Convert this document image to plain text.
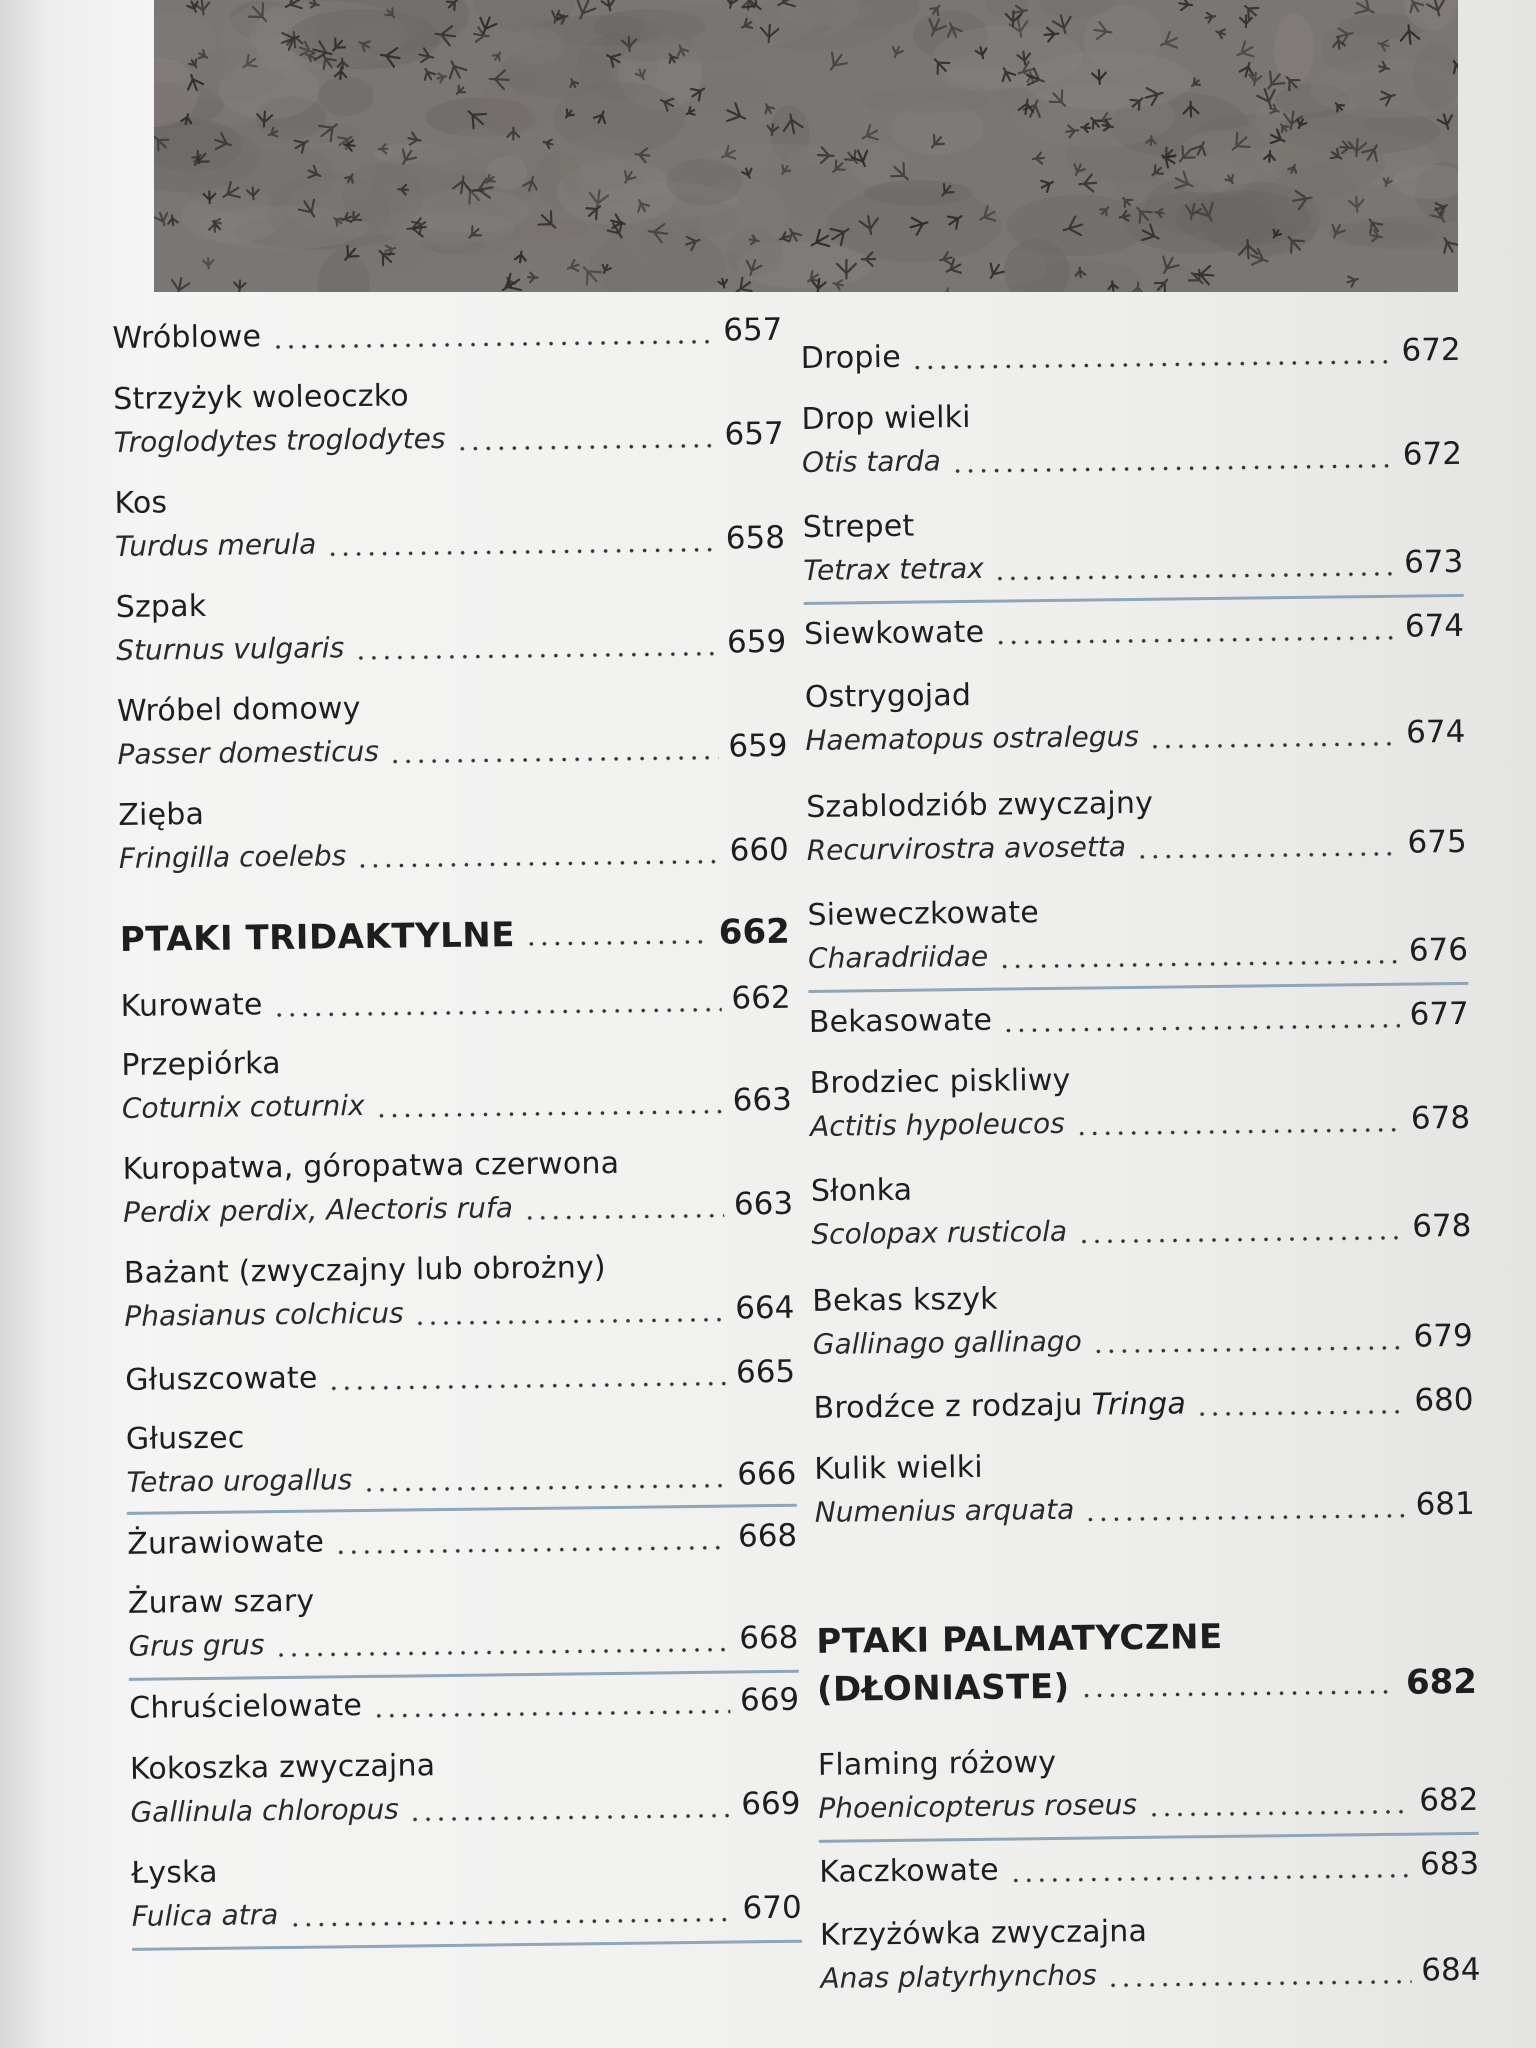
Wróblowe	657
Strzyżyk woleoczko
Troglodytes troglodytes	657
Kos
Turdus merula	658
Szpak
Sturnus vulgaris	659
Wróbel domowy
Passer domesticus	659
Zięba
Fringilla coelebs	660
PTAKI TRIDAKTYLNE	662
Kurowate	662
Przepiórka
Coturnix coturnix	663
Kuropatwa, góropatwa czerwona
Perdix perdix, Alectoris rufa	663
Bażant (zwyczajny lub obrożny)
Phasianus colchicus	664
Głuszcowate	665
Głuszec
Tetrao urogallus	666
Żurawiowate	668
Żuraw szary
Grus grus	668
Chruścielowate	669
Kokoszka zwyczajna
Gallinula chloropus	669
Łyska
Fulica atra	670
Dropie	672
Drop wielki
Otis tarda	672
Strepet
Tetrax tetrax	673
Siewkowate	674
Ostrygojad
Haematopus ostralegus	674
Szablodziób zwyczajny
Recurvirostra avosetta	675
Sieweczkowate
Charadriidae	676
Bekasowate	677
Brodziec piskliwy
Actitis hypoleucos	678
Słonka
Scolopax rusticola	678
Bekas kszyk
Gallinago gallinago	679
Brodźce z rodzaju Tringa	680
Kulik wielki
Numenius arquata	681
PTAKI PALMATYCZNE
(DŁONIASTE)	682
Flaming różowy
Phoenicopterus roseus	682
Kaczkowate	683
Krzyżówka zwyczajna
Anas platyrhynchos	684
